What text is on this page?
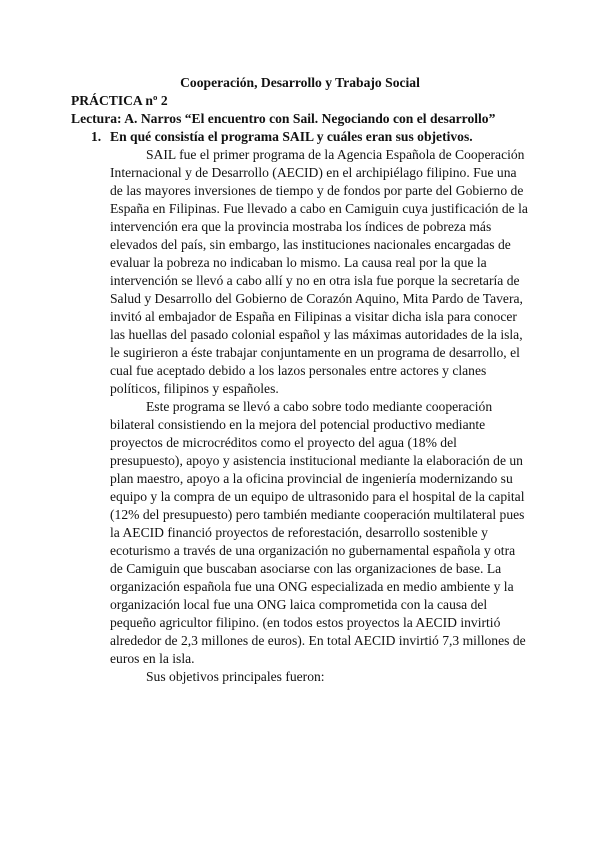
Cooperación, Desarrollo y Trabajo Social
PRÁCTICA nº 2
Lectura: A. Narros “El encuentro con Sail. Negociando con el desarrollo”
1. En qué consistía el programa SAIL y cuáles eran sus objetivos.

SAIL fue el primer programa de la Agencia Española de Cooperación Internacional y de Desarrollo (AECID) en el archipiélago filipino. Fue una de las mayores inversiones de tiempo y de fondos por parte del Gobierno de España en Filipinas. Fue llevado a cabo en Camiguin cuya justificación de la intervención era que la provincia mostraba los índices de pobreza más elevados del país, sin embargo, las instituciones nacionales encargadas de evaluar la pobreza no indicaban lo mismo. La causa real por la que la intervención se llevó a cabo allí y no en otra isla fue porque la secretaría de Salud y Desarrollo del Gobierno de Corazón Aquino, Mita Pardo de Tavera, invitó al embajador de España en Filipinas a visitar dicha isla para conocer las huellas del pasado colonial español y las máximas autoridades de la isla, le sugirieron a éste trabajar conjuntamente en un programa de desarrollo, el cual fue aceptado debido a los lazos personales entre actores y clanes políticos, filipinos y españoles.

Este programa se llevó a cabo sobre todo mediante cooperación bilateral consistiendo en la mejora del potencial productivo mediante proyectos de microcréditos como el proyecto del agua (18% del presupuesto), apoyo y asistencia institucional mediante la elaboración de un plan maestro, apoyo a la oficina provincial de ingeniería modernizando su equipo y la compra de un equipo de ultrasonido para el hospital de la capital (12% del presupuesto) pero también mediante cooperación multilateral pues la AECID financió proyectos de reforestación, desarrollo sostenible y ecoturismo a través de una organización no gubernamental española y otra de Camiguin que buscaban asociarse con las organizaciones de base. La organización española fue una ONG especializada en medio ambiente y la organización local fue una ONG laica comprometida con la causa del pequeño agricultor filipino. (en todos estos proyectos la AECID invirtió alrededor de 2,3 millones de euros). En total AECID invirtió 7,3 millones de euros en la isla.

Sus objetivos principales fueron:
